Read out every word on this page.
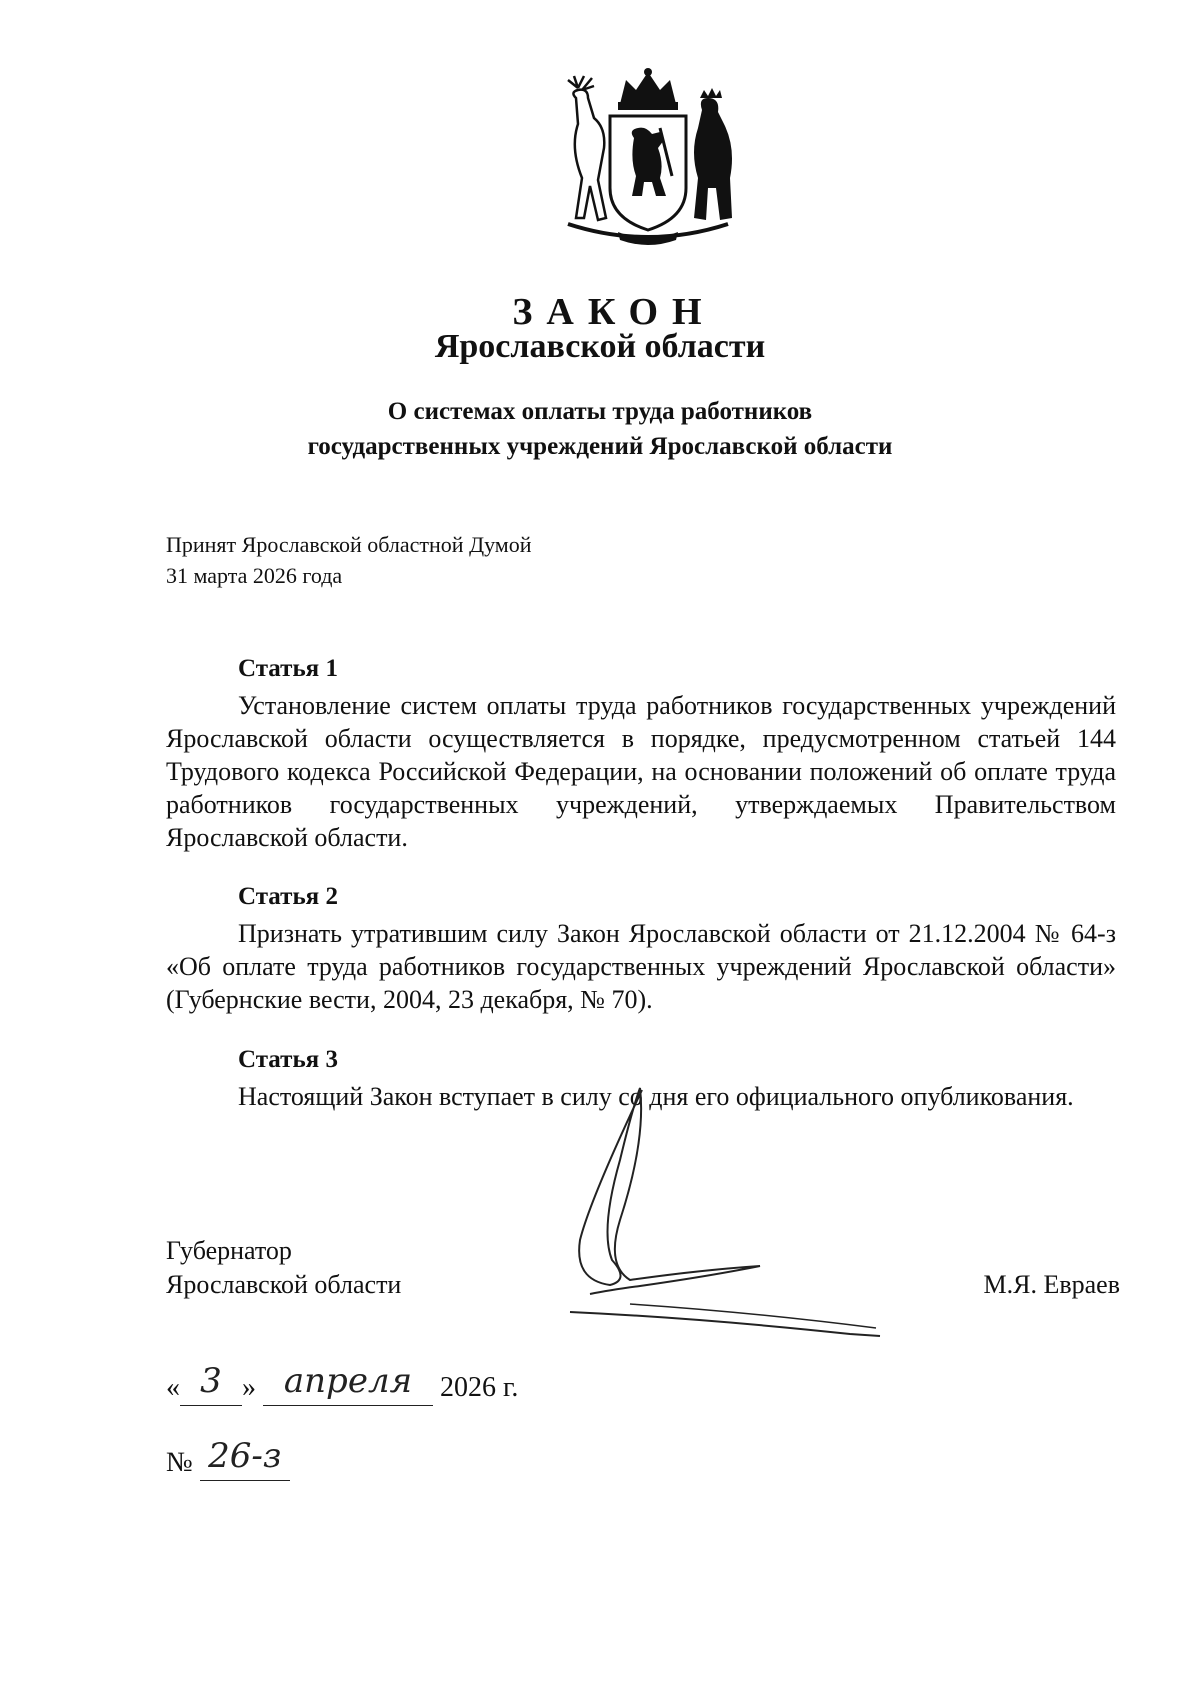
ЗАКОН
Ярославской области
О системах оплаты труда работников
государственных учреждений Ярославской области
Принят Ярославской областной Думой
31 марта 2026 года
Статья 1

Установление систем оплаты труда работников государственных учреждений Ярославской области осуществляется в порядке, предусмотренном статьей 144 Трудового кодекса Российской Федерации, на основании положений об оплате труда работников государственных учреждений, утверждаемых Правительством Ярославской области.

Статья 2

Признать утратившим силу Закон Ярославской области от 21.12.2004 № 64-з «Об оплате труда работников государственных учреждений Ярославской области» (Губернские вести, 2004, 23 декабря, № 70).

Статья 3

Настоящий Закон вступает в силу со дня его официального опубликования.

Губернатор
Ярославской области	М.Я. Евраев
« 3 » апреля 2026 г.
№ 26-з
